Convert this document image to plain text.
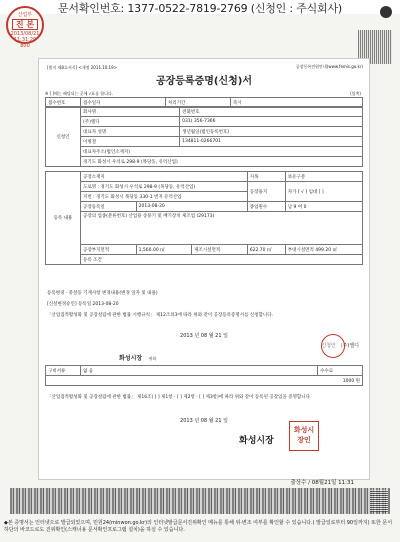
문서확인번호: 1377-0522-7819-2769 (신청인 : 주식회사)
산업부
진 본
2013/08/21
11:31:29
800
[별지 제8호서식] <개정 2011.10.19>	공장등록민원안내(www.femis.go.kr)
공장등록증명(신청)서
※ [ ]에는 해당되는 곳에 √표를 합니다.	(앞쪽)
접수번호	접수일자	처리기간	즉시
신청인	회사명	전화번호
	(주)엘디	031) 356-7366
	대표자 성명	생년월일(법인등록번호)
	이병철	134811-0266701
	대표자주소(법인소재지)	
	경기도 화성시 우석로 298-9 (목당동, 유억산업)	
등록 내용	공장소재지			지목	보유구분
	도로명 : 경기도 화성시 우석로 298-9 (목당동, 유억산업)			공장용지	자가 [ √ ] 임대 [ ]
	지번 : 경기도 화성시 목당동 330-1 번지 유억산업				
	공장등록일	2013-08-20		종업원수	남 9 여 0
	공장의 업종(분류번호) 산업용 송풍기 및 배기장치 제조업 (29173)				
	공장부지면적	1,560.00 ㎡	제조시설면적	622.70 ㎡	부대시설면적 499.20 ㎡
	등록 조건				
등록변경 · 중설등 기재사항 변경내용(변경 일자 및 내용)
[신설변경승인] 등록일 2013-08-20
「산업집적활성화 및 공장설립에 관한 법률 시행규칙」 제12조의3에 따라 위와 같이 공장등록증명서를 신청합니다.
2013 년 08 월 21 일
신청인 (주)엘디
화성시장 귀하
구비서류	없 음	수수료
1000 원
「산업집적활성화 및 공장설립에 관한 법률」 제16조( [ ] 제1항 · [ ] 제2항 · [ ] 제3항)에 따라 위와 같이 등록된 공장임을 증명합니다.
2013 년 08 월 21 일
화성시장
화성시 장인
출상수 / 08월21일 11:31
◆본 증명서는 인터넷으로 발급되었으며, 민원24(minwon.go.kr)의 인터넷발급문서진위확인 메뉴를 통해 위·변조 여부를 확인할 수 있습니다.( 발급일로부터 90일까지) 또한 문서하단의 바코드로도 진위확인(스캐너용 문서확인프로그램 설치)을 하실 수 있습니다.
